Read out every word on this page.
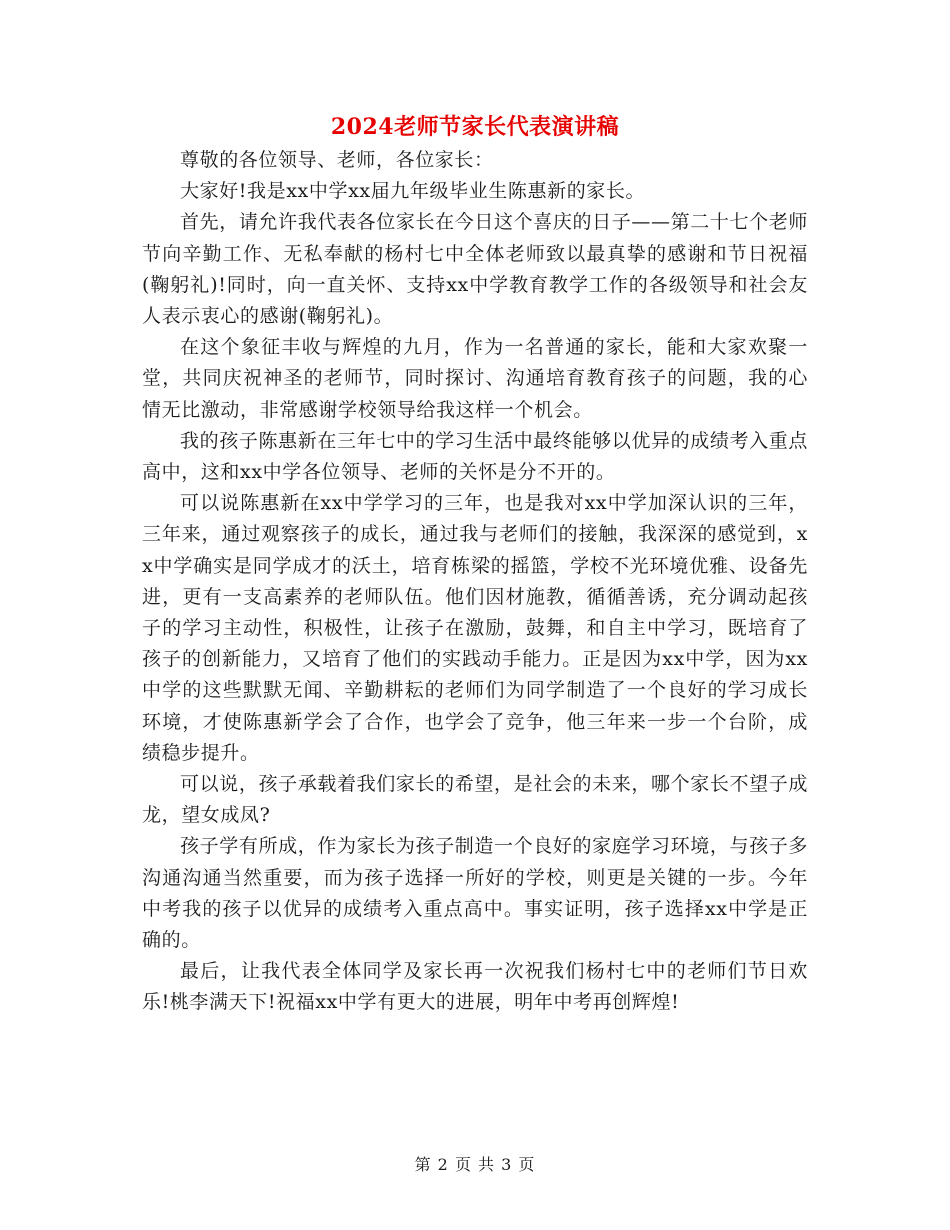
2024老师节家长代表演讲稿

尊敬的各位领导、老师，各位家长：

大家好!我是xx中学xx届九年级毕业生陈惠新的家长。

首先，请允许我代表各位家长在今日这个喜庆的日子——第二十七个老师节向辛勤工作、无私奉献的杨村七中全体老师致以最真挚的感谢和节日祝福(鞠躬礼)!同时，向一直关怀、支持xx中学教育教学工作的各级领导和社会友人表示衷心的感谢(鞠躬礼)。

在这个象征丰收与辉煌的九月，作为一名普通的家长，能和大家欢聚一堂，共同庆祝神圣的老师节，同时探讨、沟通培育教育孩子的问题，我的心情无比激动，非常感谢学校领导给我这样一个机会。

我的孩子陈惠新在三年七中的学习生活中最终能够以优异的成绩考入重点高中，这和xx中学各位领导、老师的关怀是分不开的。

可以说陈惠新在xx中学学习的三年，也是我对xx中学加深认识的三年，三年来，通过观察孩子的成长，通过我与老师们的接触，我深深的感觉到，xx中学确实是同学成才的沃土，培育栋梁的摇篮，学校不光环境优雅、设备先进，更有一支高素养的老师队伍。他们因材施教，循循善诱，充分调动起孩子的学习主动性，积极性，让孩子在激励，鼓舞，和自主中学习，既培育了孩子的创新能力，又培育了他们的实践动手能力。正是因为xx中学，因为xx中学的这些默默无闻、辛勤耕耘的老师们为同学制造了一个良好的学习成长环境，才使陈惠新学会了合作，也学会了竞争，他三年来一步一个台阶，成绩稳步提升。

可以说，孩子承载着我们家长的希望，是社会的未来，哪个家长不望子成龙，望女成凤?

孩子学有所成，作为家长为孩子制造一个良好的家庭学习环境，与孩子多沟通沟通当然重要，而为孩子选择一所好的学校，则更是关键的一步。今年中考我的孩子以优异的成绩考入重点高中。事实证明，孩子选择xx中学是正确的。

最后，让我代表全体同学及家长再一次祝我们杨村七中的老师们节日欢乐!桃李满天下!祝福xx中学有更大的进展，明年中考再创辉煌!

第 2 页 共 3 页
